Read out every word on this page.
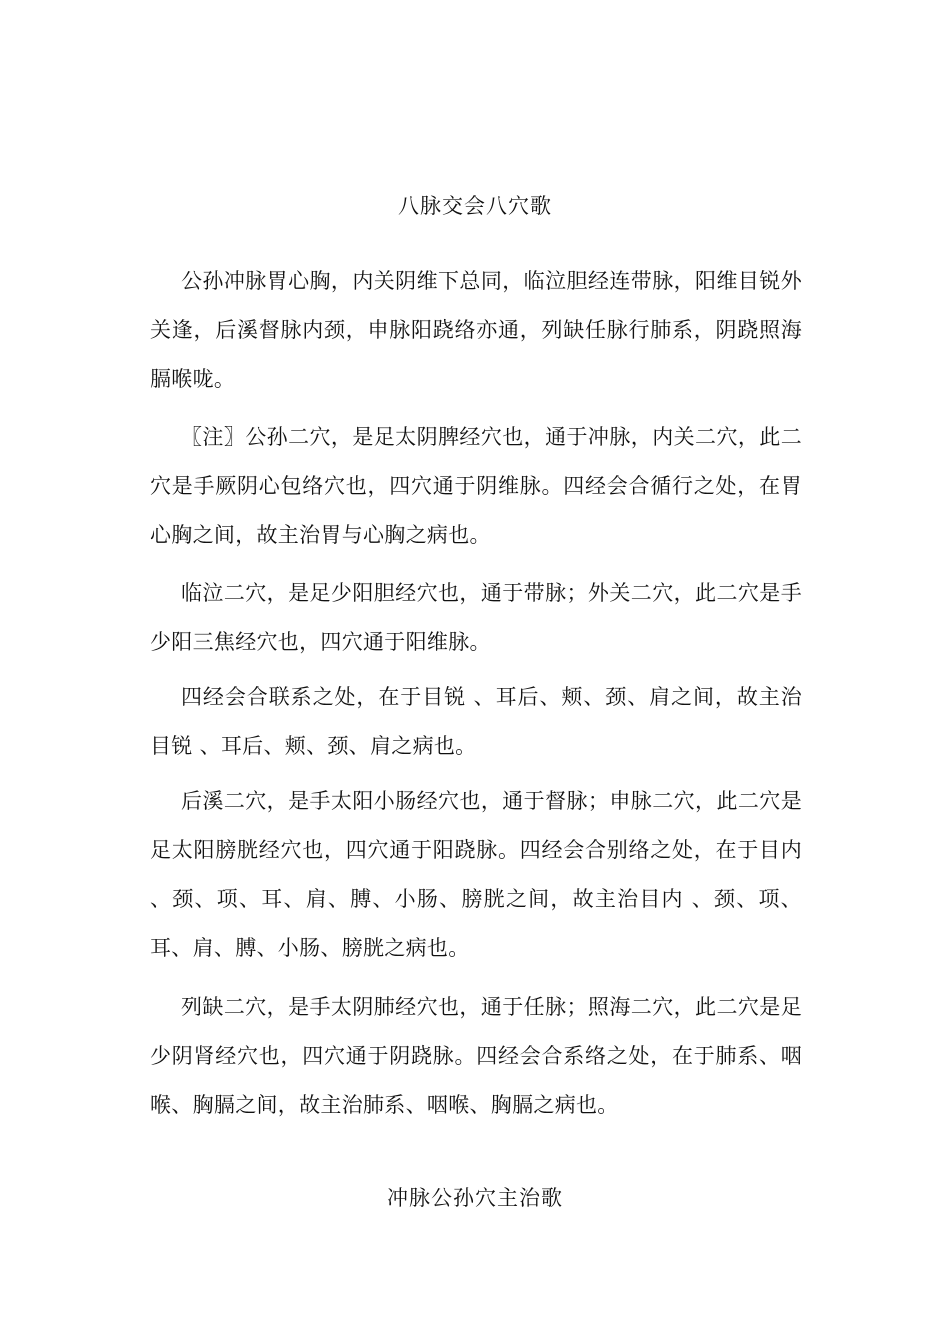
八脉交会八穴歌

公孙冲脉胃心胸，内关阴维下总同，临泣胆经连带脉，阳维目锐外关逢，后溪督脉内颈，申脉阳跷络亦通，列缺任脉行肺系，阴跷照海膈喉咙。

〖注〗公孙二穴，是足太阴脾经穴也，通于冲脉，内关二穴，此二穴是手厥阴心包络穴也，四穴通于阴维脉。四经会合循行之处，在胃心胸之间，故主治胃与心胸之病也。

临泣二穴，是足少阳胆经穴也，通于带脉；外关二穴，此二穴是手少阳三焦经穴也，四穴通于阳维脉。

四经会合联系之处，在于目锐 、耳后、颊、颈、肩之间，故主治目锐 、耳后、颊、颈、肩之病也。

后溪二穴，是手太阳小肠经穴也，通于督脉；申脉二穴，此二穴是足太阳膀胱经穴也，四穴通于阳跷脉。四经会合别络之处，在于目内 、颈、项、耳、肩、膊、小肠、膀胱之间，故主治目内 、颈、项、耳、肩、膊、小肠、膀胱之病也。

列缺二穴，是手太阴肺经穴也，通于任脉；照海二穴，此二穴是足少阴肾经穴也，四穴通于阴跷脉。四经会合系络之处，在于肺系、咽喉、胸膈之间，故主治肺系、咽喉、胸膈之病也。

冲脉公孙穴主治歌
